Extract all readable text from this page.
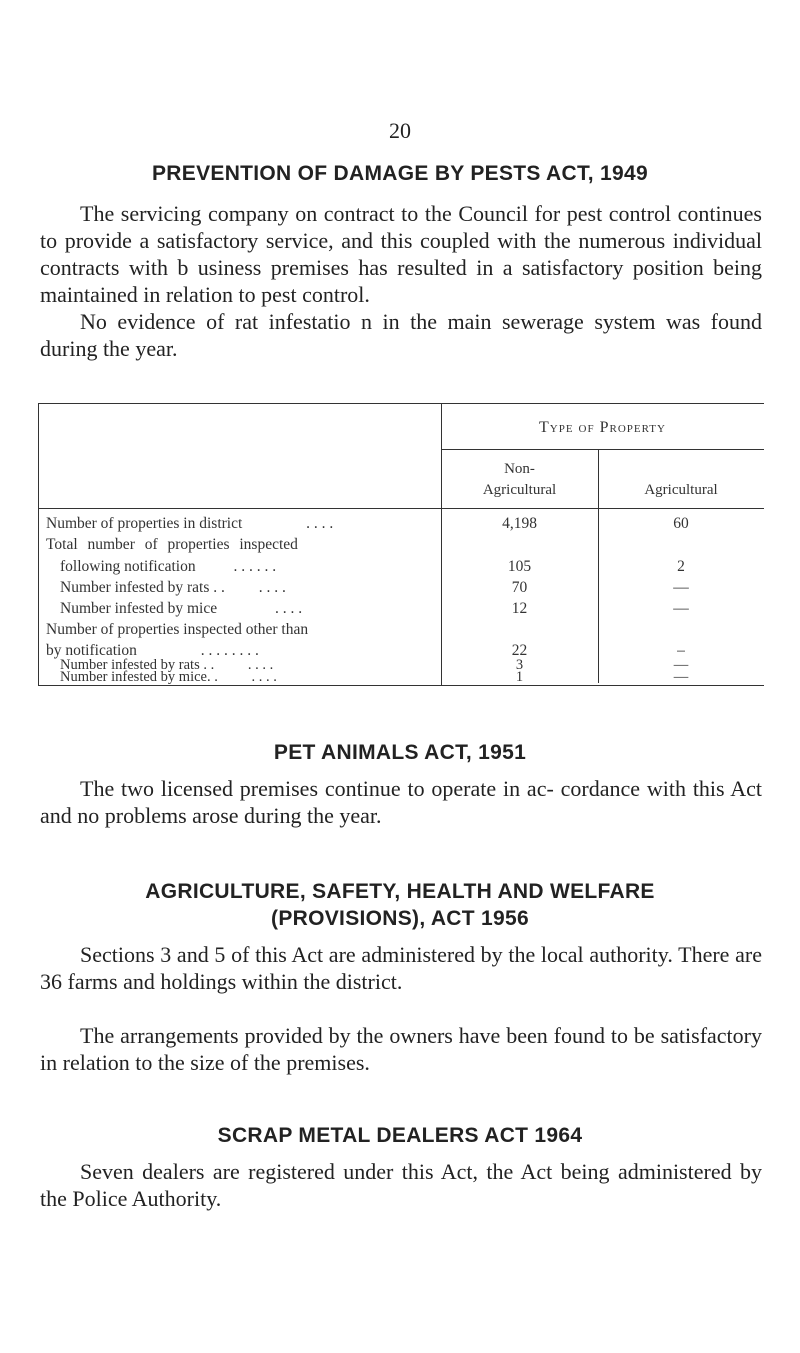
20
PREVENTION OF DAMAGE BY PESTS ACT, 1949
The servicing company on contract to the Council for pest control continues to provide a satisfactory service, and this coupled with the numerous individual contracts with b usiness premises has resulted in a satisfactory position being maintained in relation to pest control.
No evidence of rat infestatio n in the main sewerage system was found during the year.
Type of Property
Non-
Agricultural	Agricultural
Number of properties in district	. . . .	4,198	60
Total number of properties inspected
following notification . . . . . .	105	2
Number infested by rats . . . . . .	70	—
Number infested by mice	. . . .	12	—
Number of properties inspected other than
by notification	. . . . . . . .	22	–
Number infested by rats . . . . . .	3	—
Number infested by mice. . . . . .	1	—
PET ANIMALS ACT, 1951
The two licensed premises continue to operate in ac- cordance with this Act and no problems arose during the year.
AGRICULTURE, SAFETY, HEALTH AND WELFARE
(PROVISIONS), ACT 1956
Sections 3 and 5 of this Act are administered by the local authority. There are 36 farms and holdings within the district.
The arrangements provided by the owners have been found to be satisfactory in relation to the size of the premises.
SCRAP METAL DEALERS ACT 1964
Seven dealers are registered under this Act, the Act being administered by the Police Authority.
